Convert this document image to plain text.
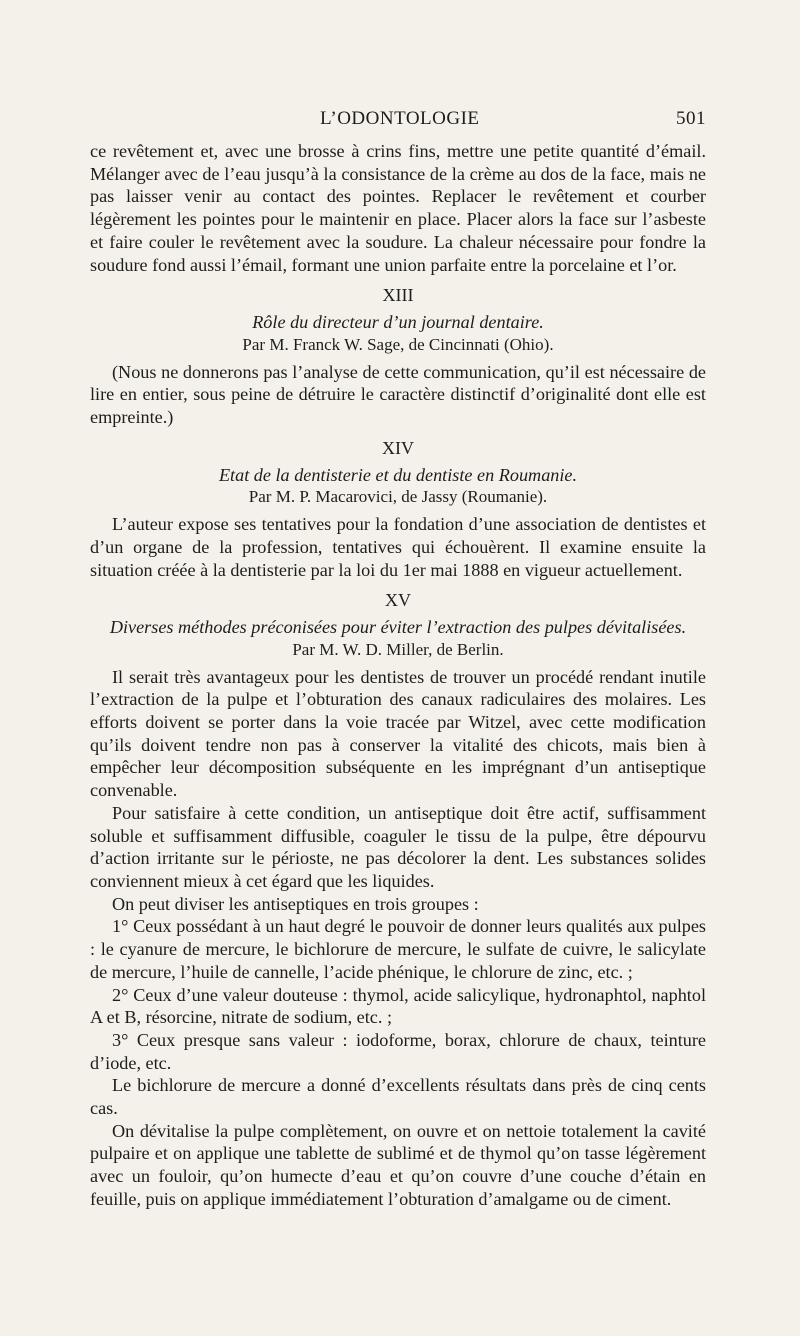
L’ODONTOLOGIE	501

ce revêtement et, avec une brosse à crins fins, mettre une petite quantité d’émail. Mélanger avec de l’eau jusqu’à la consistance de la crème au dos de la face, mais ne pas laisser venir au contact des pointes. Replacer le revêtement et courber légèrement les pointes pour le maintenir en place. Placer alors la face sur l’asbeste et faire couler le revêtement avec la soudure. La chaleur nécessaire pour fondre la soudure fond aussi l’émail, formant une union parfaite entre la porcelaine et l’or.

XIII
Rôle du directeur d’un journal dentaire.
Par M. Franck W. Sage, de Cincinnati (Ohio).

(Nous ne donnerons pas l’analyse de cette communication, qu’il est nécessaire de lire en entier, sous peine de détruire le caractère distinctif d’originalité dont elle est empreinte.)

XIV
Etat de la dentisterie et du dentiste en Roumanie.
Par M. P. Macarovici, de Jassy (Roumanie).

L’auteur expose ses tentatives pour la fondation d’une association de dentistes et d’un organe de la profession, tentatives qui échouèrent. Il examine ensuite la situation créée à la dentisterie par la loi du 1er mai 1888 en vigueur actuellement.

XV
Diverses méthodes préconisées pour éviter l’extraction des pulpes dévitalisées.
Par M. W. D. Miller, de Berlin.

Il serait très avantageux pour les dentistes de trouver un procédé rendant inutile l’extraction de la pulpe et l’obturation des canaux radiculaires des molaires. Les efforts doivent se porter dans la voie tracée par Witzel, avec cette modification qu’ils doivent tendre non pas à conserver la vitalité des chicots, mais bien à empêcher leur décomposition subséquente en les imprégnant d’un antiseptique convenable.

Pour satisfaire à cette condition, un antiseptique doit être actif, suffisamment soluble et suffisamment diffusible, coaguler le tissu de la pulpe, être dépourvu d’action irritante sur le périoste, ne pas décolorer la dent. Les substances solides conviennent mieux à cet égard que les liquides.

On peut diviser les antiseptiques en trois groupes :

1° Ceux possédant à un haut degré le pouvoir de donner leurs qualités aux pulpes : le cyanure de mercure, le bichlorure de mercure, le sulfate de cuivre, le salicylate de mercure, l’huile de cannelle, l’acide phénique, le chlorure de zinc, etc. ;

2° Ceux d’une valeur douteuse : thymol, acide salicylique, hydronaphtol, naphtol A et B, résorcine, nitrate de sodium, etc. ;

3° Ceux presque sans valeur : iodoforme, borax, chlorure de chaux, teinture d’iode, etc.

Le bichlorure de mercure a donné d’excellents résultats dans près de cinq cents cas.

On dévitalise la pulpe complètement, on ouvre et on nettoie totalement la cavité pulpaire et on applique une tablette de sublimé et de thymol qu’on tasse légèrement avec un fouloir, qu’on humecte d’eau et qu’on couvre d’une couche d’étain en feuille, puis on applique immédiatement l’obturation d’amalgame ou de ciment.
